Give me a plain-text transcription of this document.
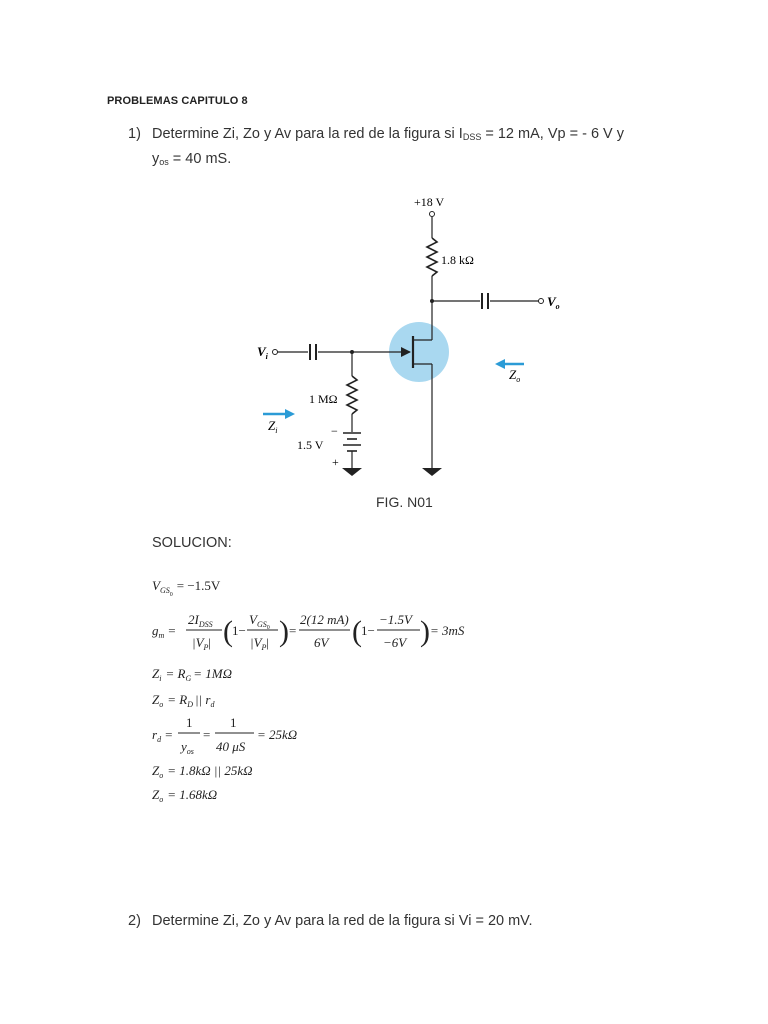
PROBLEMAS CAPITULO 8
1) Determine Zi, Zo y Av para la red de la figura si $I_{DSS} = 12$ mA, Vp = - 6 V y
$y_{os} = 40$ mS.
+18 V
1.8 kΩ
$V_o$
$V_i$
1 MΩ
−
+
1.5 V
$Z_i$
$Z_o$
FIG. N01
SOLUCION:
$V_{GS0}= -1.5V$
$g_m$ =
$2I_{DSS}$
$|V_P|$ ( 1−
$V_{GS}0$
$|V_P|$ ) =
2(12 mA)
6V ( 1−
−1.5V
−6V ) = 3mS
$Z_i = R_G = 1M\Omega$
$Z_o = R_D$ || $r_d$
$r_d$ =
1
$y_{os}$
=
1
40 μS
= 25kΩ
$Z_o = 1.8k\Omega$ || 25kΩ
$Z_o = 1.68k\Omega$
2) Determine Zi, Zo y Av para la red de la figura si Vi = 20 mV.
